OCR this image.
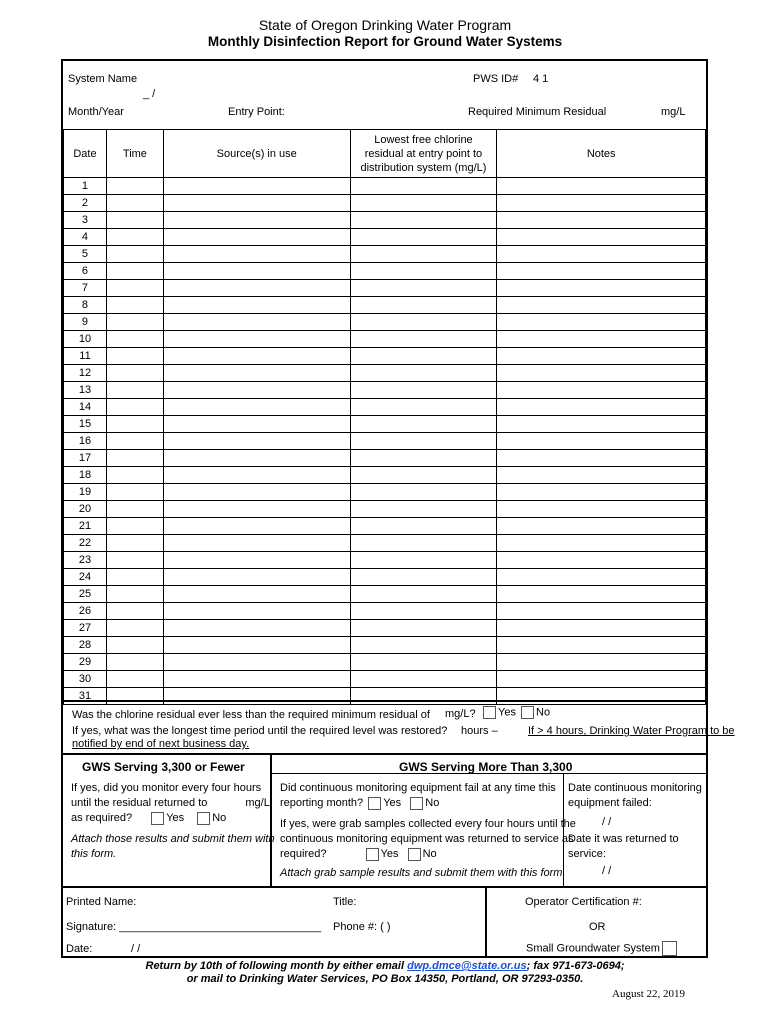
State of Oregon Drinking Water Program
Monthly Disinfection Report for Ground Water Systems
System Name	PWS ID# 4 1
_ /
Month/Year	Entry Point:	Required Minimum Residual	mg/L
Date	Time	Source(s) in use	Lowest free chlorine residual at entry point to distribution system (mg/L)	Notes
1				
2				
3				
4				
5				
6				
7				
8				
9				
10				
11				
12				
13				
14				
15				
16				
17				
18				
19				
20				
21				
22				
23				
24				
25				
26				
27				
28				
29				
30				
31				
Was the chlorine residual ever less than the required minimum residual of mg/L?	Yes No
If yes, what was the longest time period until the required level was restored? hours –	If > 4 hours, Drinking Water Program to be
notified by end of next business day.
GWS Serving 3,300 or Fewer
If yes, did you monitor every four hours
until the residual returned to	mg/L
as required?	Yes	No
Attach those results and submit them with
this form.
GWS Serving More Than 3,300
Did continuous monitoring equipment fail at any time this
reporting month? Yes No
If yes, were grab samples collected every four hours until the
continuous monitoring equipment was returned to service as
required?	Yes No
Attach grab sample results and submit them with this form.
Date continuous monitoring
equipment failed:
/ /
Date it was returned to
service:
/ /
Printed Name:	Title:
Signature: _________________________________ Phone #: ( )
Date:	/ /
Operator Certification #:
OR
Small Groundwater System
Return by 10th of following month by either email dwp.dmce@state.or.us; fax 971-673-0694;
or mail to Drinking Water Services, PO Box 14350, Portland, OR 97293-0350.
August 22, 2019
